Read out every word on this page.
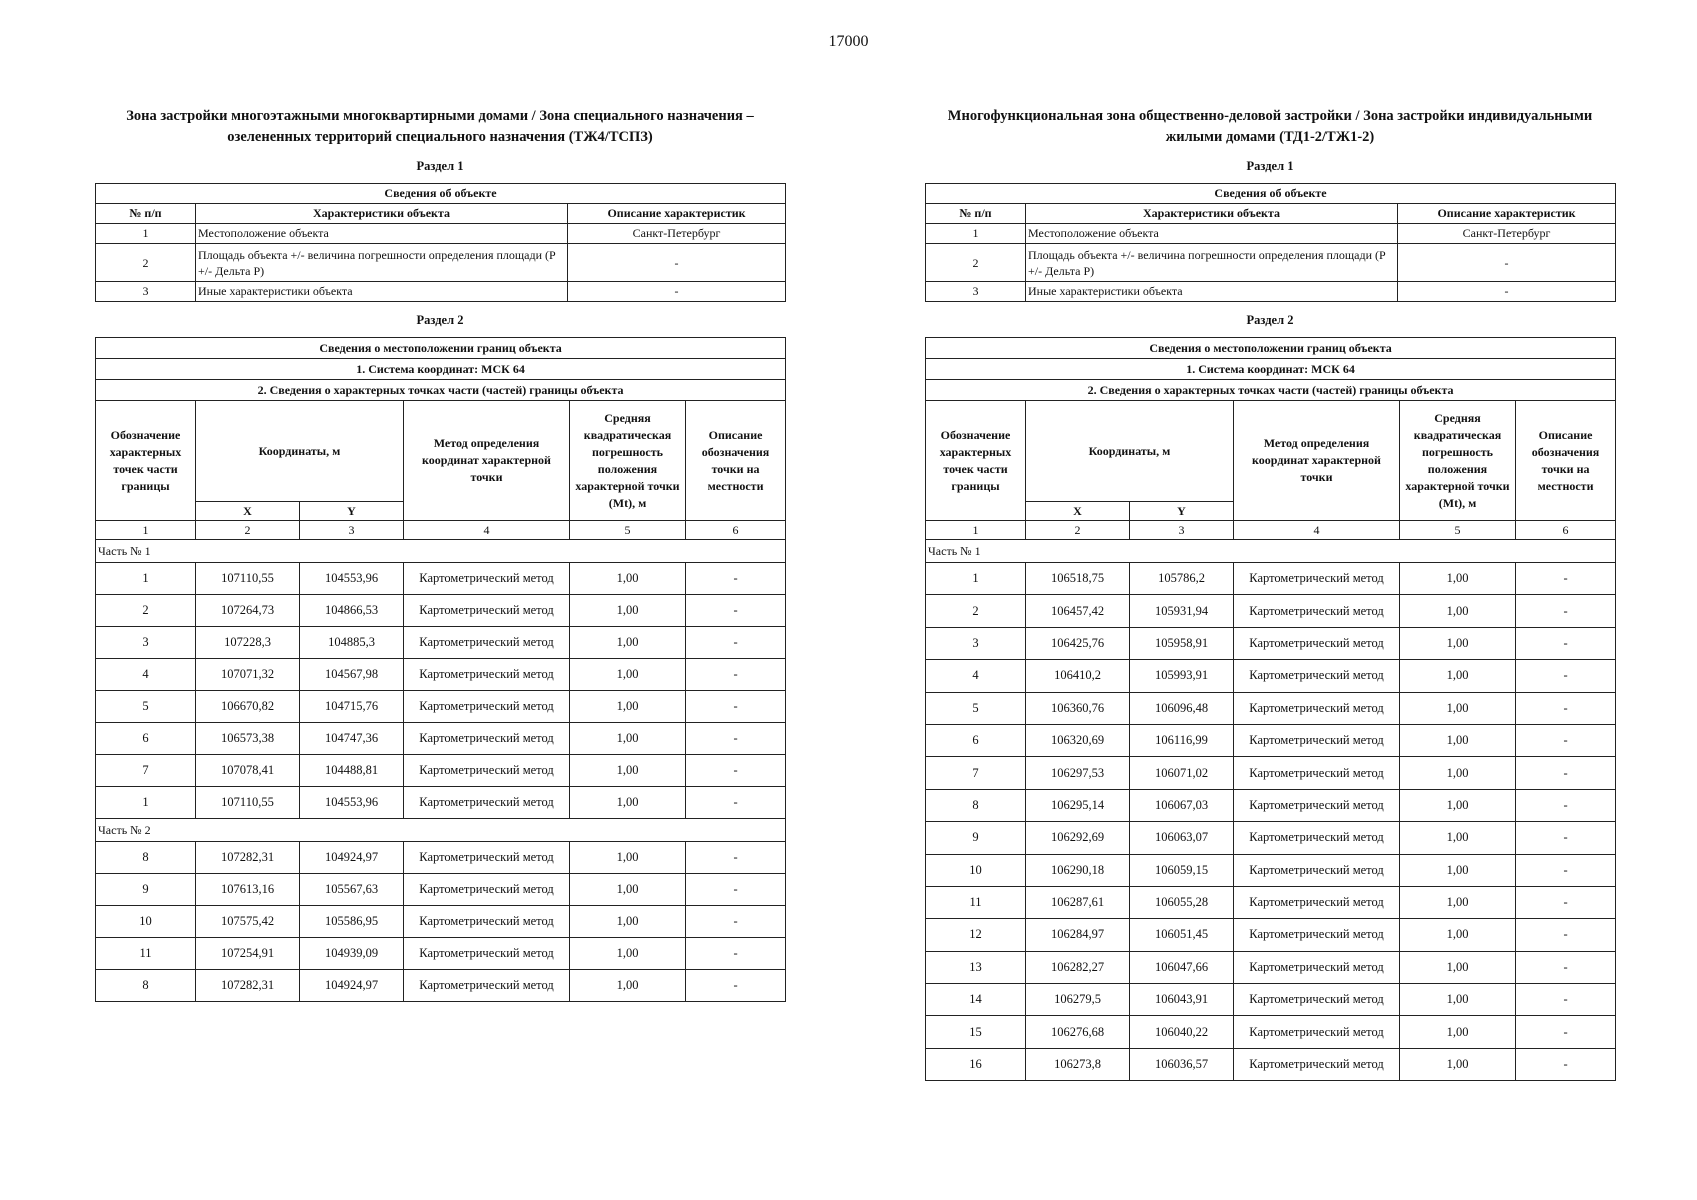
17000
Зона застройки многоэтажными многоквартирными домами / Зона специального назначения – озелененных территорий специального назначения (ТЖ4/ТСПЗ)
Раздел 1
Сведения об объекте		
№ п/п	Характеристики объекта	Описание характеристик
1	Местоположение объекта	Санкт-Петербург
2	Площадь объекта +/- величина погрешности определения площади (Р +/- Дельта Р)	-
3	Иные характеристики объекта	-
Раздел 2
Сведения о местоположении границ объекта					
1. Система координат: МСК 64					
2. Сведения о характерных точках части (частей) границы объекта					
Обозначение характерных точек части границы	Координаты, м		Метод определения координат характерной точки	Средняя квадратическая погрешность положения характерной точки (Mt), м	Описание обозначения точки на местности
	X	Y			
1	2	3	4	5	6
Часть № 1					
1	107110,55	104553,96	Картометрический метод	1,00	-
2	107264,73	104866,53	Картометрический метод	1,00	-
3	107228,3	104885,3	Картометрический метод	1,00	-
4	107071,32	104567,98	Картометрический метод	1,00	-
5	106670,82	104715,76	Картометрический метод	1,00	-
6	106573,38	104747,36	Картометрический метод	1,00	-
7	107078,41	104488,81	Картометрический метод	1,00	-
1	107110,55	104553,96	Картометрический метод	1,00	-
Часть № 2					
8	107282,31	104924,97	Картометрический метод	1,00	-
9	107613,16	105567,63	Картометрический метод	1,00	-
10	107575,42	105586,95	Картометрический метод	1,00	-
11	107254,91	104939,09	Картометрический метод	1,00	-
8	107282,31	104924,97	Картометрический метод	1,00	-
Многофункциональная зона общественно-деловой застройки / Зона застройки индивидуальными жилыми домами (ТД1-2/ТЖ1-2)
Раздел 1
Сведения об объекте		
№ п/п	Характеристики объекта	Описание характеристик
1	Местоположение объекта	Санкт-Петербург
2	Площадь объекта +/- величина погрешности определения площади (Р +/- Дельта Р)	-
3	Иные характеристики объекта	-
Раздел 2
Сведения о местоположении границ объекта					
1. Система координат: МСК 64					
2. Сведения о характерных точках части (частей) границы объекта					
Обозначение характерных точек части границы	Координаты, м		Метод определения координат характерной точки	Средняя квадратическая погрешность положения характерной точки (Mt), м	Описание обозначения точки на местности
	X	Y			
1	2	3	4	5	6
Часть № 1					
1	106518,75	105786,2	Картометрический метод	1,00	-
2	106457,42	105931,94	Картометрический метод	1,00	-
3	106425,76	105958,91	Картометрический метод	1,00	-
4	106410,2	105993,91	Картометрический метод	1,00	-
5	106360,76	106096,48	Картометрический метод	1,00	-
6	106320,69	106116,99	Картометрический метод	1,00	-
7	106297,53	106071,02	Картометрический метод	1,00	-
8	106295,14	106067,03	Картометрический метод	1,00	-
9	106292,69	106063,07	Картометрический метод	1,00	-
10	106290,18	106059,15	Картометрический метод	1,00	-
11	106287,61	106055,28	Картометрический метод	1,00	-
12	106284,97	106051,45	Картометрический метод	1,00	-
13	106282,27	106047,66	Картометрический метод	1,00	-
14	106279,5	106043,91	Картометрический метод	1,00	-
15	106276,68	106040,22	Картометрический метод	1,00	-
16	106273,8	106036,57	Картометрический метод	1,00	-
